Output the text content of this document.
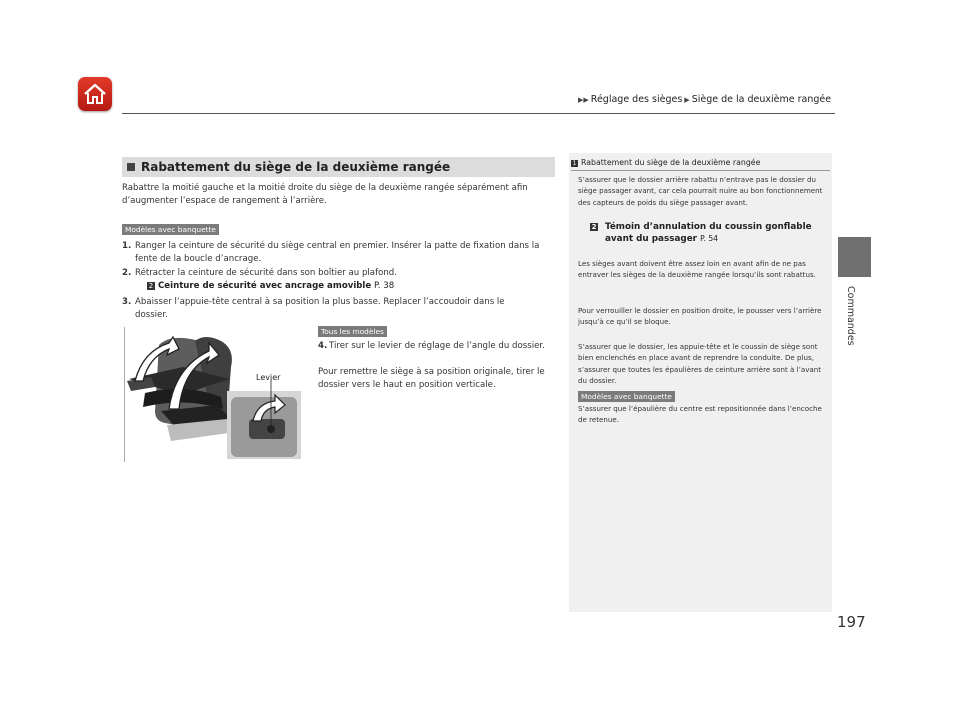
▶▶ Réglage des sièges ▶ Siège de la deuxième rangée
Commandes
197
Rabattement du siège de la deuxième rangée
Rabattre la moitié gauche et la moitié droite du siège de la deuxième rangée séparément afin d’augmenter l’espace de rangement à l’arrière.
Modèles avec banquette
1. Ranger la ceinture de sécurité du siège central en premier. Insérer la patte de fixation dans la fente de la boucle d’ancrage.
2. Rétracter la ceinture de sécurité dans son boîtier au plafond.
2 Ceinture de sécurité avec ancrage amovible P. 38
3. Abaisser l’appuie-tête central à sa position la plus basse. Replacer l’accoudoir dans le dossier.
Levier
Tous les modèles
4. Tirer sur le levier de réglage de l’angle du dossier.
Pour remettre le siège à sa position originale, tirer le dossier vers le haut en position verticale.
1 Rabattement du siège de la deuxième rangée
S’assurer que le dossier arrière rabattu n’entrave pas le dossier du siège passager avant, car cela pourrait nuire au bon fonctionnement des capteurs de poids du siège passager avant.
2 Témoin d’annulation du coussin gonflable
avant du passager P. 54
Les sièges avant doivent être assez loin en avant afin de ne pas entraver les sièges de la deuxième rangée lorsqu’ils sont rabattus.
Pour verrouiller le dossier en position droite, le pousser vers l’arrière jusqu’à ce qu’il se bloque.
S’assurer que le dossier, les appuie-tête et le coussin de siège sont bien enclenchés en place avant de reprendre la conduite. De plus, s’assurer que toutes les épaulières de ceinture arrière sont à l’avant du dossier.
Modèles avec banquette
S’assurer que l’épaulière du centre est repositionnée dans l’encoche de retenue.
